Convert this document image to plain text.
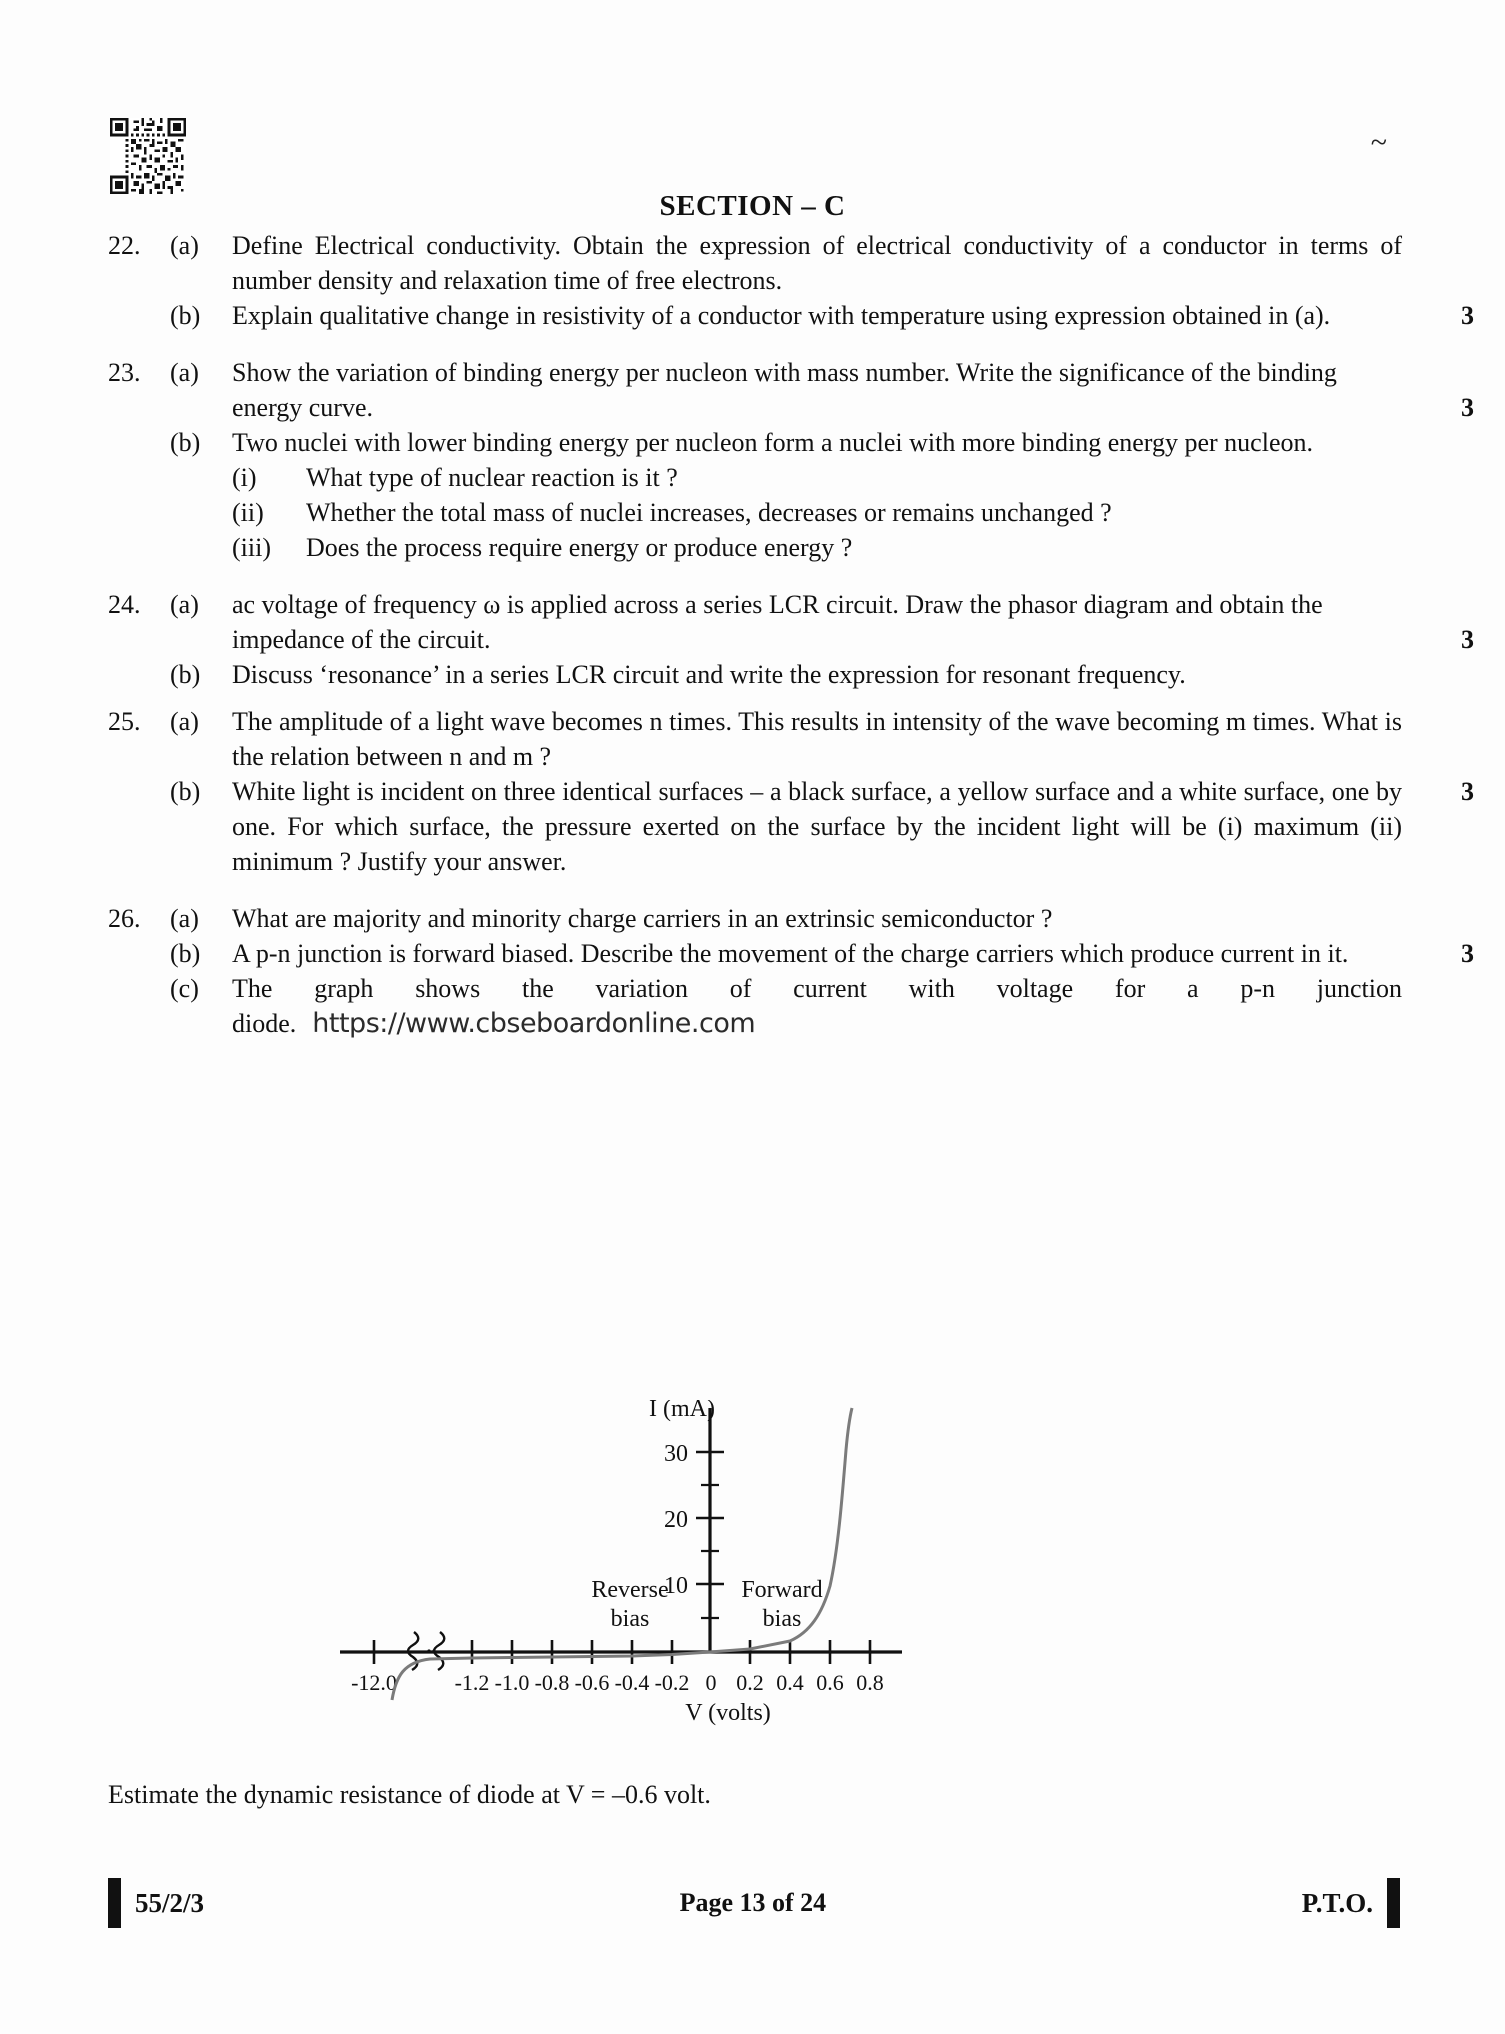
~
SECTION – C
22.	(a)	Define Electrical conductivity. Obtain the expression of electrical conductivity of a conductor in terms of number density and relaxation time of free electrons.
3
(b)	Explain qualitative change in resistivity of a conductor with temperature using expression obtained in (a).
23.	(a)	Show the variation of binding energy per nucleon with mass number. Write the significance of the binding energy curve.	3
(b)	Two nuclei with lower binding energy per nucleon form a nuclei with more binding energy per nucleon.
(i)	What type of nuclear reaction is it ?
(ii)	Whether the total mass of nuclei increases, decreases or remains unchanged ?
(iii)	Does the process require energy or produce energy ?
24.	(a)	ac voltage of frequency ω is applied across a series LCR circuit. Draw the phasor diagram and obtain the impedance of the circuit.	3
(b)	Discuss ‘resonance’ in a series LCR circuit and write the expression for resonant frequency.
25.	(a)	The amplitude of a light wave becomes n times. This results in intensity of the wave becoming m times. What is the relation between n and m ?
3
(b)	White light is incident on three identical surfaces – a black surface, a yellow surface and a white surface, one by one. For which surface, the pressure exerted on the surface by the incident light will be (i) maximum (ii) minimum ? Justify your answer.
26.	(a)	What are majority and minority charge carriers in an extrinsic semiconductor ?
3
(b)	A p-n junction is forward biased. Describe the movement of the charge carriers which produce current in it.
(c)	The graph shows the variation of current with voltage for a p-n junction diode. https://www.cbseboardonline.com
I (mA)
30
20
10
-12.0	-1.2 -1.0 -0.8 -0.6 -0.4 -0.2 0 0.2 0.4 0.6 0.8
V (volts)
Reverse
bias
Forward
bias
Estimate the dynamic resistance of diode at V = –0.6 volt.
55/2/3	Page 13 of 24	P.T.O.
